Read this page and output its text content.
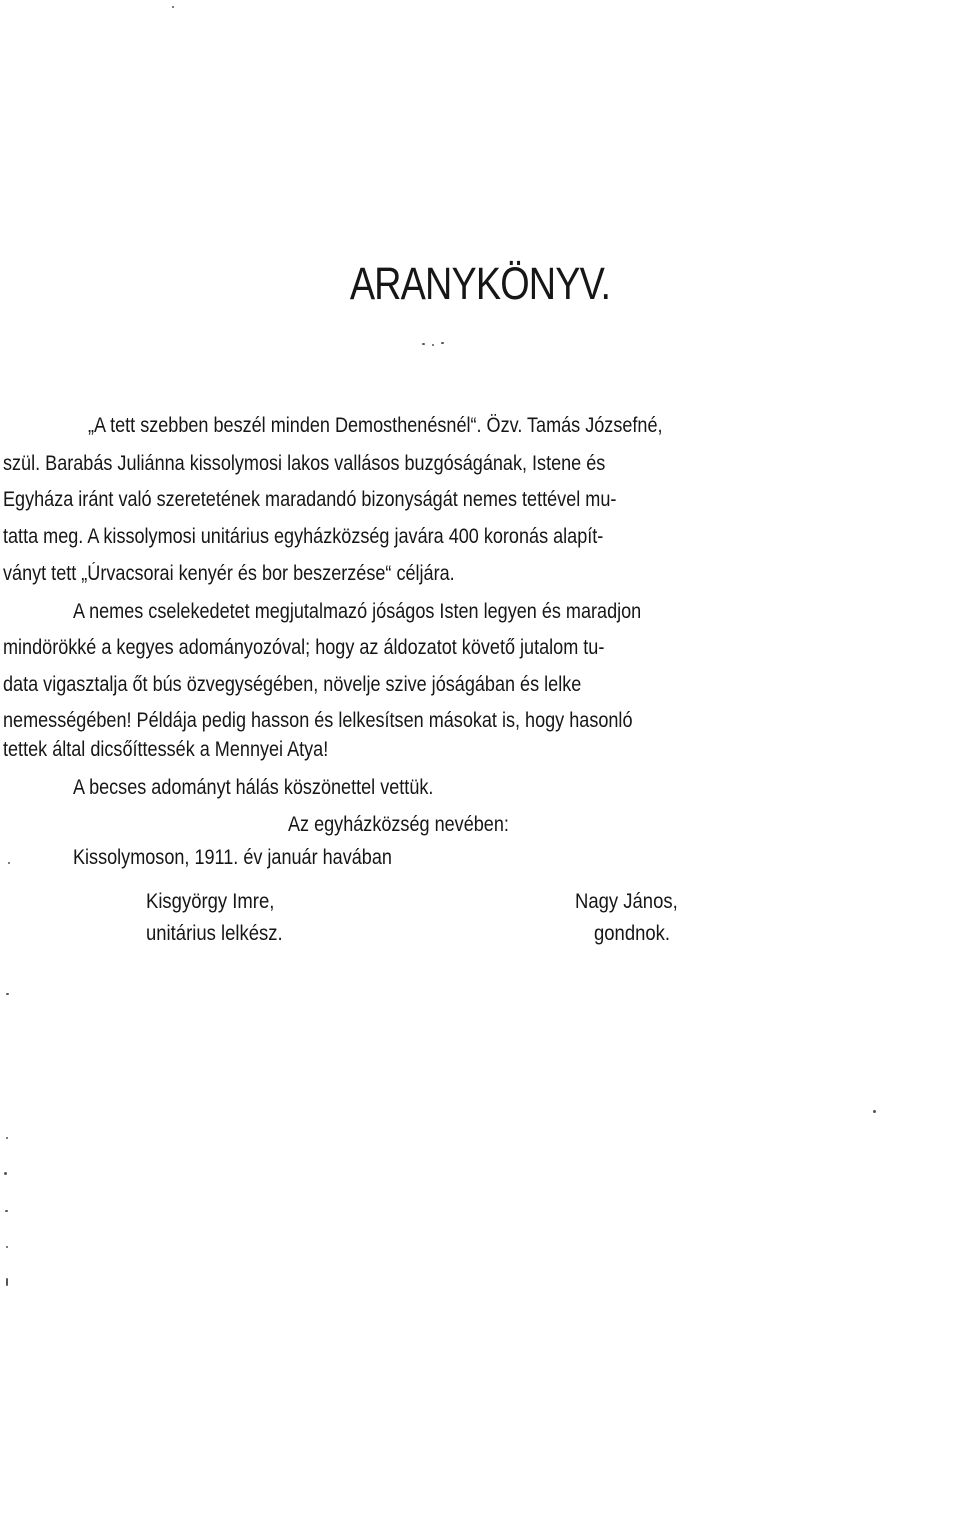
ARANYKÖNYV.
„A tett szebben beszél minden Demosthenésnél“. Özv. Tamás Józsefné,
szül. Barabás Juliánna kissolymosi lakos vallásos buzgóságának, Istene és
Egyháza iránt való szeretetének maradandó bizonyságát nemes tettével mu-
tatta meg. A kissolymosi unitárius egyházközség javára 400 koronás alapít-
ványt tett „Úrvacsorai kenyér és bor beszerzése“ céljára.
A nemes cselekedetet megjutalmazó jóságos Isten legyen és maradjon
mindörökké a kegyes adományozóval; hogy az áldozatot követő jutalom tu-
data vigasztalja őt bús özvegységében, növelje szive jóságában és lelke
nemességében! Példája pedig hasson és lelkesítsen másokat is, hogy hasonló
tettek által dicsőíttessék a Mennyei Atya!
A becses adományt hálás köszönettel vettük.
Az egyházközség nevében:
Kissolymoson, 1911. év január havában
Kisgyörgy Imre,
unitárius lelkész.
Nagy János,
gondnok.
